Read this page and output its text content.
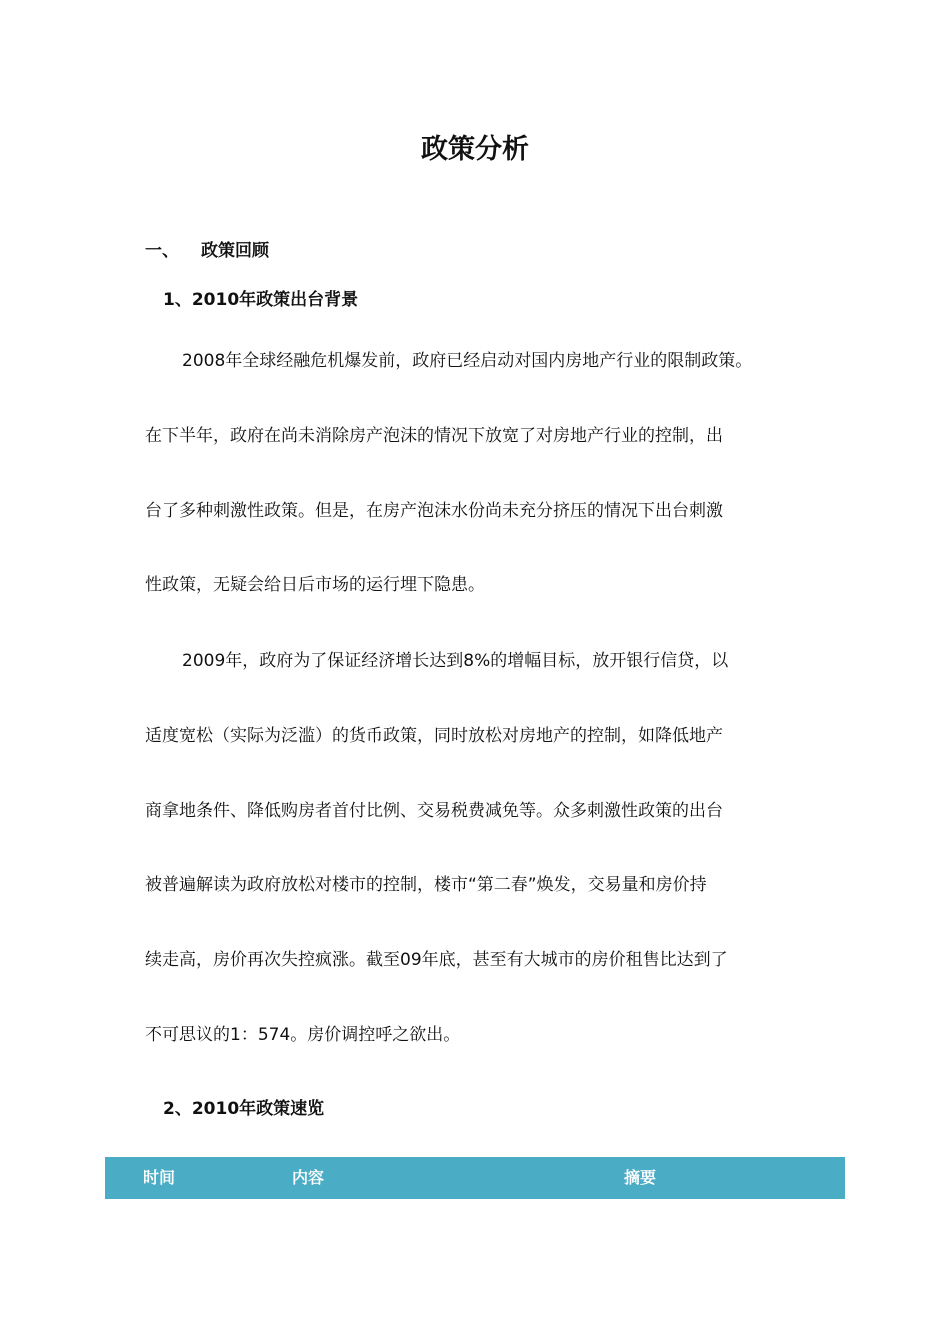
政策分析
一、 政策回顾
1、2010年政策出台背景
2008年全球经融危机爆发前，政府已经启动对国内房地产行业的限制政策。
在下半年，政府在尚未消除房产泡沫的情况下放宽了对房地产行业的控制，出
台了多种刺激性政策。但是，在房产泡沫水份尚未充分挤压的情况下出台刺激
性政策，无疑会给日后市场的运行埋下隐患。
2009年，政府为了保证经济增长达到8%的增幅目标，放开银行信贷，以
适度宽松（实际为泛滥）的货币政策，同时放松对房地产的控制，如降低地产
商拿地条件、降低购房者首付比例、交易税费减免等。众多刺激性政策的出台
被普遍解读为政府放松对楼市的控制，楼市“第二春”焕发，交易量和房价持
续走高，房价再次失控疯涨。截至09年底，甚至有大城市的房价租售比达到了
不可思议的1：574。房价调控呼之欲出。
2、2010年政策速览
时间	内容	摘要
